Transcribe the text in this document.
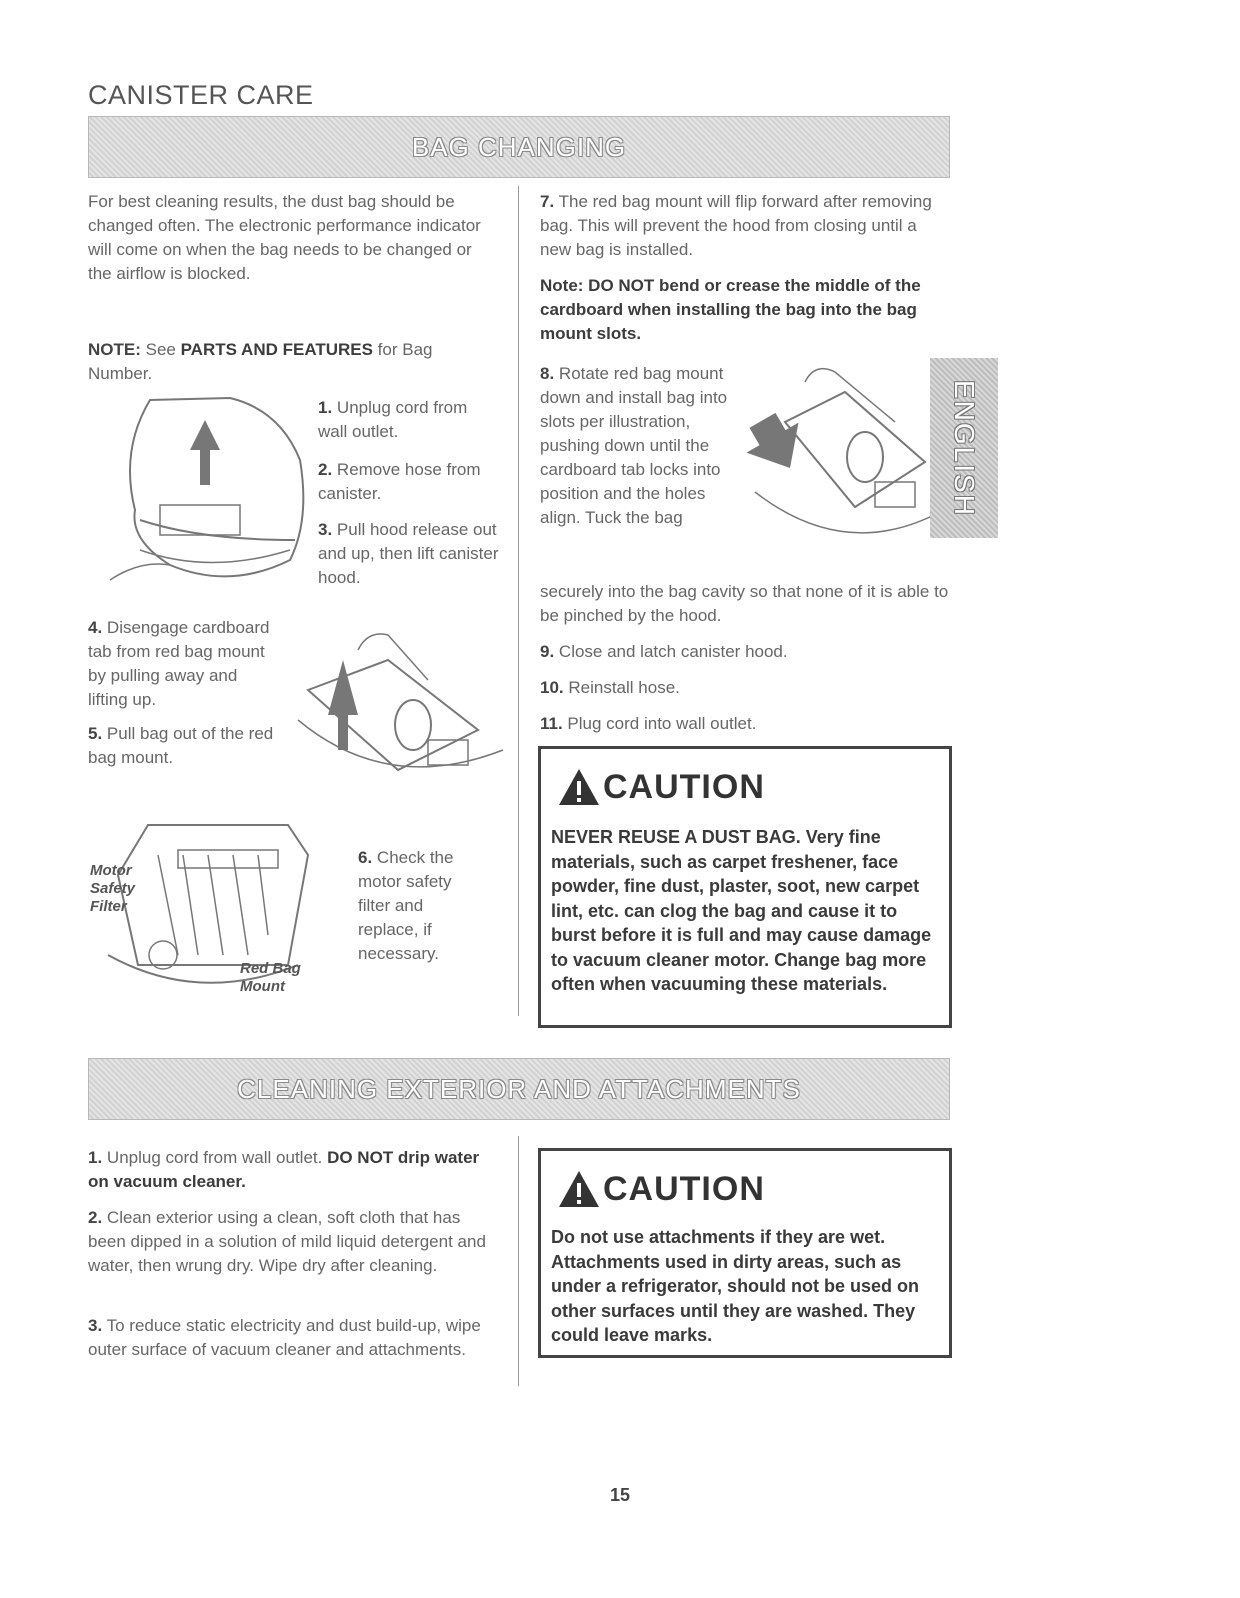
CANISTER CARE
BAG CHANGING
For best cleaning results, the dust bag should be changed often. The electronic performance indicator will come on when the bag needs to be changed or the airflow is blocked.
NOTE: See PARTS AND FEATURES for Bag Number.
1. Unplug cord from wall outlet.
2. Remove hose from canister.
3. Pull hood release out and up, then lift canister hood.
4. Disengage cardboard tab from red bag mount by pulling away and lifting up.
5. Pull bag out of the red bag mount.
Motor Safety Filter
Red Bag Mount
6. Check the motor safety filter and replace, if necessary.
7. The red bag mount will flip forward after removing bag. This will prevent the hood from closing until a new bag is installed.
Note: DO NOT bend or crease the middle of the cardboard when installing the bag into the bag mount slots.
8. Rotate red bag mount down and install bag into slots per illustration, pushing down until the cardboard tab locks into position and the holes align. Tuck the bag
ENGLISH
securely into the bag cavity so that none of it is able to be pinched by the hood.
9. Close and latch canister hood.
10. Reinstall hose.
11. Plug cord into wall outlet.
CAUTION
NEVER REUSE A DUST BAG. Very fine materials, such as carpet freshener, face powder, fine dust, plaster, soot, new carpet lint, etc. can clog the bag and cause it to burst before it is full and may cause damage to vacuum cleaner motor. Change bag more often when vacuuming these materials.
CLEANING EXTERIOR AND ATTACHMENTS
1. Unplug cord from wall outlet. DO NOT drip water on vacuum cleaner.
2. Clean exterior using a clean, soft cloth that has been dipped in a solution of mild liquid detergent and water, then wrung dry. Wipe dry after cleaning.
3. To reduce static electricity and dust build-up, wipe outer surface of vacuum cleaner and attachments.
CAUTION
Do not use attachments if they are wet. Attachments used in dirty areas, such as under a refrigerator, should not be used on other surfaces until they are washed. They could leave marks.
15
